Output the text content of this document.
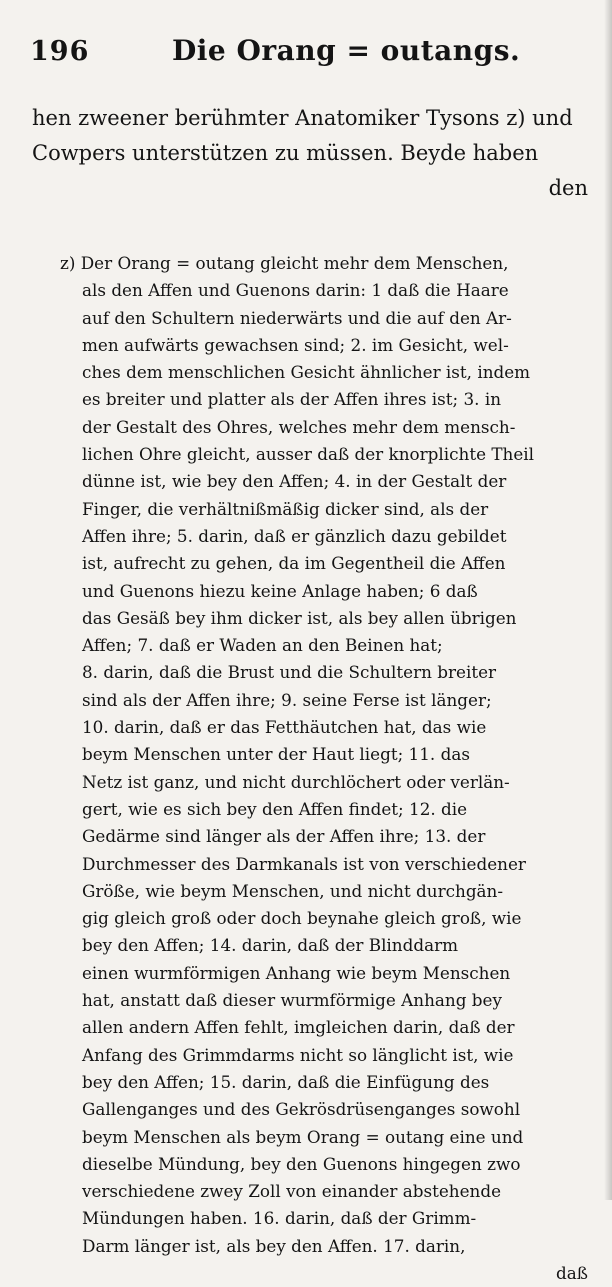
196	Die Orang = outangs.
hen zweener berühmter Anatomiker Tysons z) und
Cowpers unterstützen zu müssen. Beyde haben
den
z) Der Orang = outang gleicht mehr dem Menschen,
als den Affen und Guenons darin: 1 daß die Haare
auf den Schultern niederwärts und die auf den Ar-
men aufwärts gewachsen sind; 2. im Gesicht, wel-
ches dem menschlichen Gesicht ähnlicher ist, indem
es breiter und platter als der Affen ihres ist; 3. in
der Gestalt des Ohres, welches mehr dem mensch-
lichen Ohre gleicht, ausser daß der knorplichte Theil
dünne ist, wie bey den Affen; 4. in der Gestalt der
Finger, die verhältnißmäßig dicker sind, als der
Affen ihre; 5. darin, daß er gänzlich dazu gebildet
ist, aufrecht zu gehen, da im Gegentheil die Affen
und Guenons hiezu keine Anlage haben; 6 daß
das Gesäß bey ihm dicker ist, als bey allen übrigen
Affen; 7. daß er Waden an den Beinen hat;
8. darin, daß die Brust und die Schultern breiter
sind als der Affen ihre; 9. seine Ferse ist länger;
10. darin, daß er das Fetthäutchen hat, das wie
beym Menschen unter der Haut liegt; 11. das
Netz ist ganz, und nicht durchlöchert oder verlän-
gert, wie es sich bey den Affen findet; 12. die
Gedärme sind länger als der Affen ihre; 13. der
Durchmesser des Darmkanals ist von verschiedener
Größe, wie beym Menschen, und nicht durchgän-
gig gleich groß oder doch beynahe gleich groß, wie
bey den Affen; 14. darin, daß der Blinddarm
einen wurmförmigen Anhang wie beym Menschen
hat, anstatt daß dieser wurmförmige Anhang bey
allen andern Affen fehlt, imgleichen darin, daß der
Anfang des Grimmdarms nicht so länglicht ist, wie
bey den Affen; 15. darin, daß die Einfügung des
Gallenganges und des Gekrösdrüsenganges sowohl
beym Menschen als beym Orang = outang eine und
dieselbe Mündung, bey den Guenons hingegen zwo
verschiedene zwey Zoll von einander abstehende
Mündungen haben. 16. darin, daß der Grimm-
Darm länger ist, als bey den Affen. 17. darin,
daß
